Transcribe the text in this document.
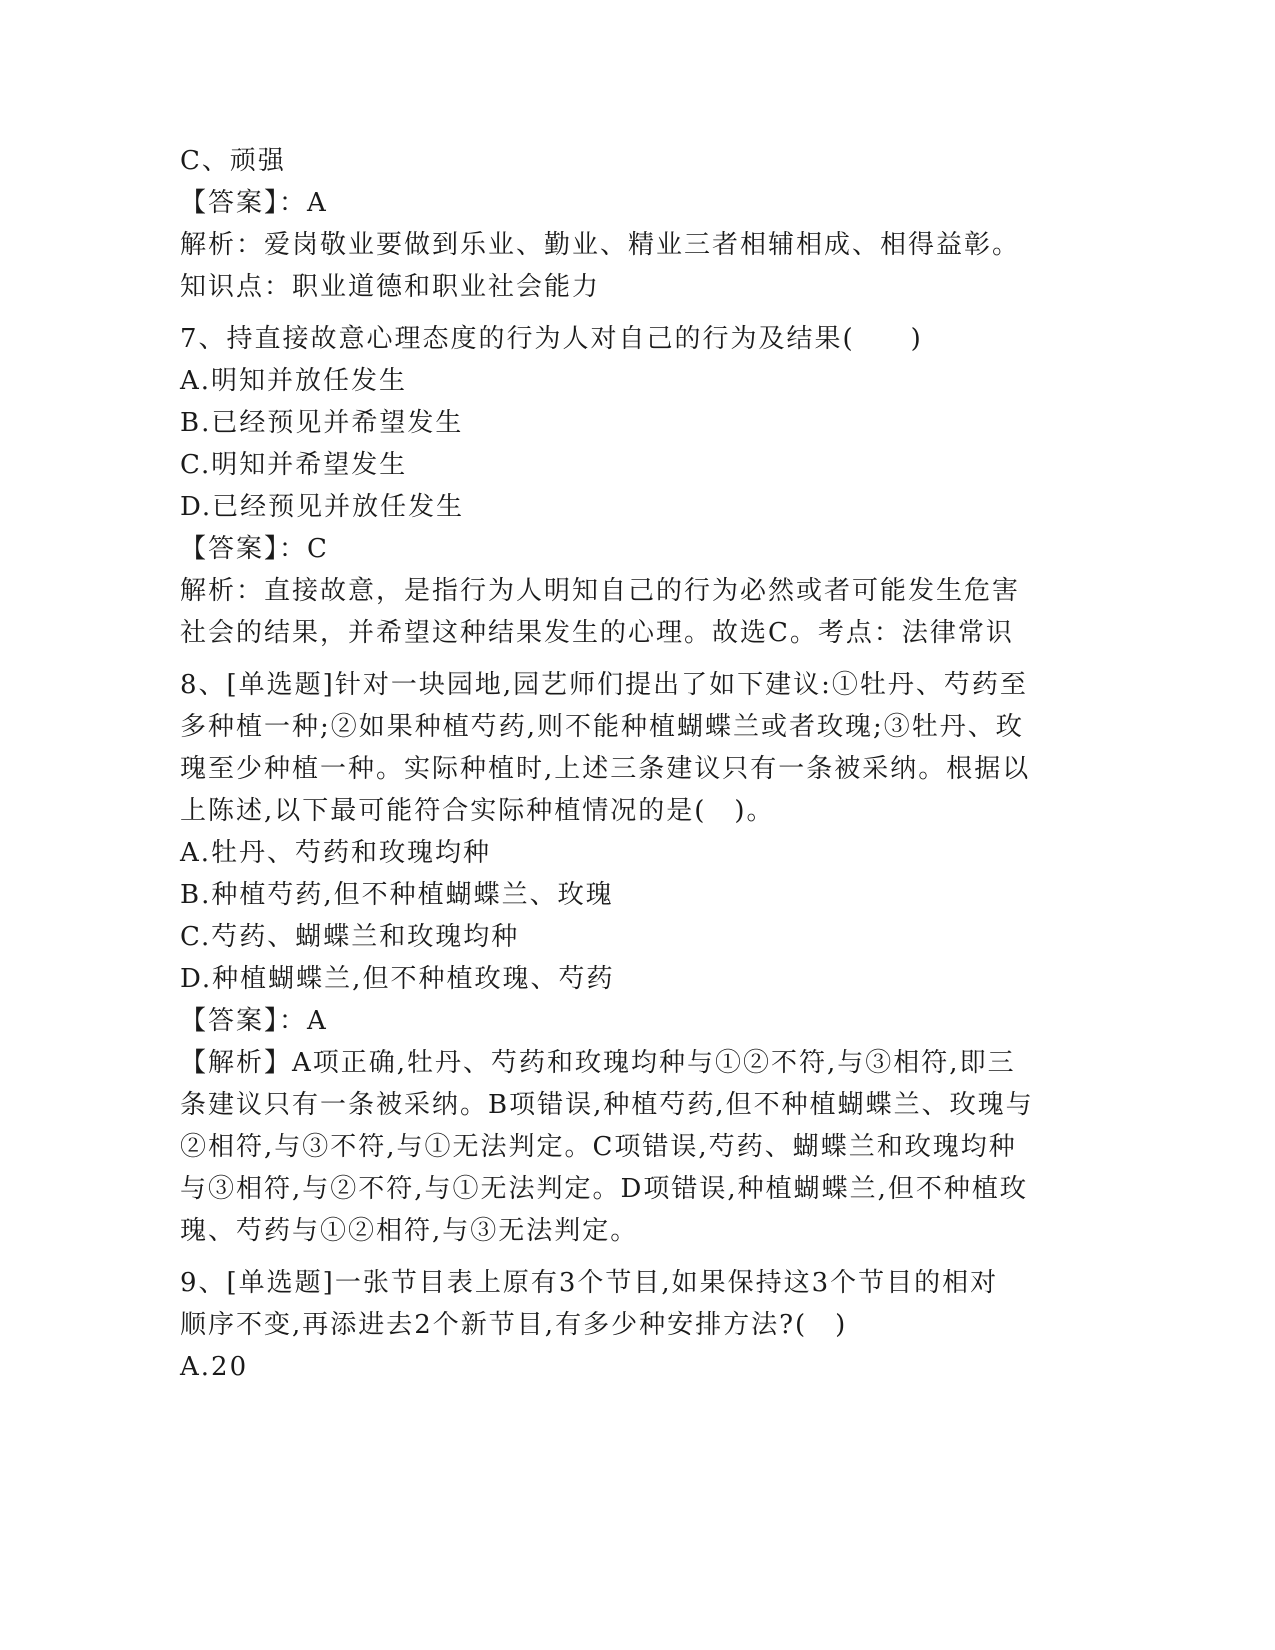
C、顽强
【答案】：A
解析：爱岗敬业要做到乐业、勤业、精业三者相辅相成、相得益彰。
知识点：职业道德和职业社会能力
7、持直接故意心理态度的行为人对自己的行为及结果(　　)
A.明知并放任发生
B.已经预见并希望发生
C.明知并希望发生
D.已经预见并放任发生
【答案】：C
解析：直接故意，是指行为人明知自己的行为必然或者可能发生危害
社会的结果，并希望这种结果发生的心理。故选C。考点：法律常识
8、[单选题]针对一块园地,园艺师们提出了如下建议:①牡丹、芍药至
多种植一种;②如果种植芍药,则不能种植蝴蝶兰或者玫瑰;③牡丹、玫
瑰至少种植一种。实际种植时,上述三条建议只有一条被采纳。根据以
上陈述,以下最可能符合实际种植情况的是(　)。
A.牡丹、芍药和玫瑰均种
B.种植芍药,但不种植蝴蝶兰、玫瑰
C.芍药、蝴蝶兰和玫瑰均种
D.种植蝴蝶兰,但不种植玫瑰、芍药
【答案】：A
【解析】A项正确,牡丹、芍药和玫瑰均种与①②不符,与③相符,即三
条建议只有一条被采纳。B项错误,种植芍药,但不种植蝴蝶兰、玫瑰与
②相符,与③不符,与①无法判定。C项错误,芍药、蝴蝶兰和玫瑰均种
与③相符,与②不符,与①无法判定。D项错误,种植蝴蝶兰,但不种植玫
瑰、芍药与①②相符,与③无法判定。
9、[单选题]一张节目表上原有3个节目,如果保持这3个节目的相对
顺序不变,再添进去2个新节目,有多少种安排方法?(　)
A.20
